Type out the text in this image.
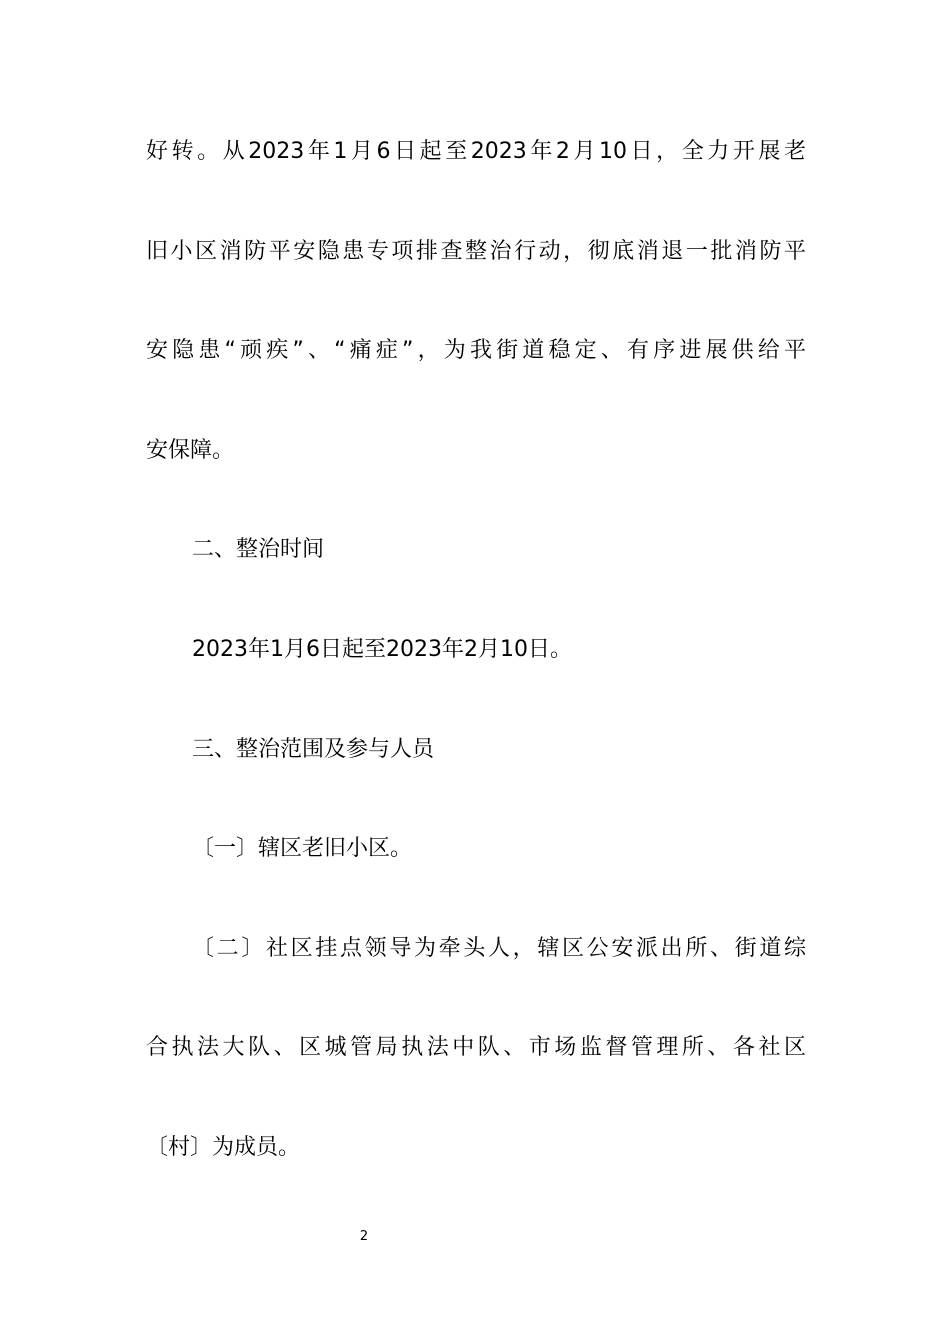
好转。从2023年1月6日起至2023年2月10日，全力开展老
旧小区消防平安隐患专项排查整治行动，彻底消退一批消防平
安隐患“顽疾”、“痛症”，为我街道稳定、有序进展供给平
安保障。
二、整治时间
2023年1月6日起至2023年2月10日。
三、整治范围及参与人员
〔一〕辖区老旧小区。
〔二〕社区挂点领导为牵头人，辖区公安派出所、街道综
合执法大队、区城管局执法中队、市场监督管理所、各社区
〔村〕为成员。
2
